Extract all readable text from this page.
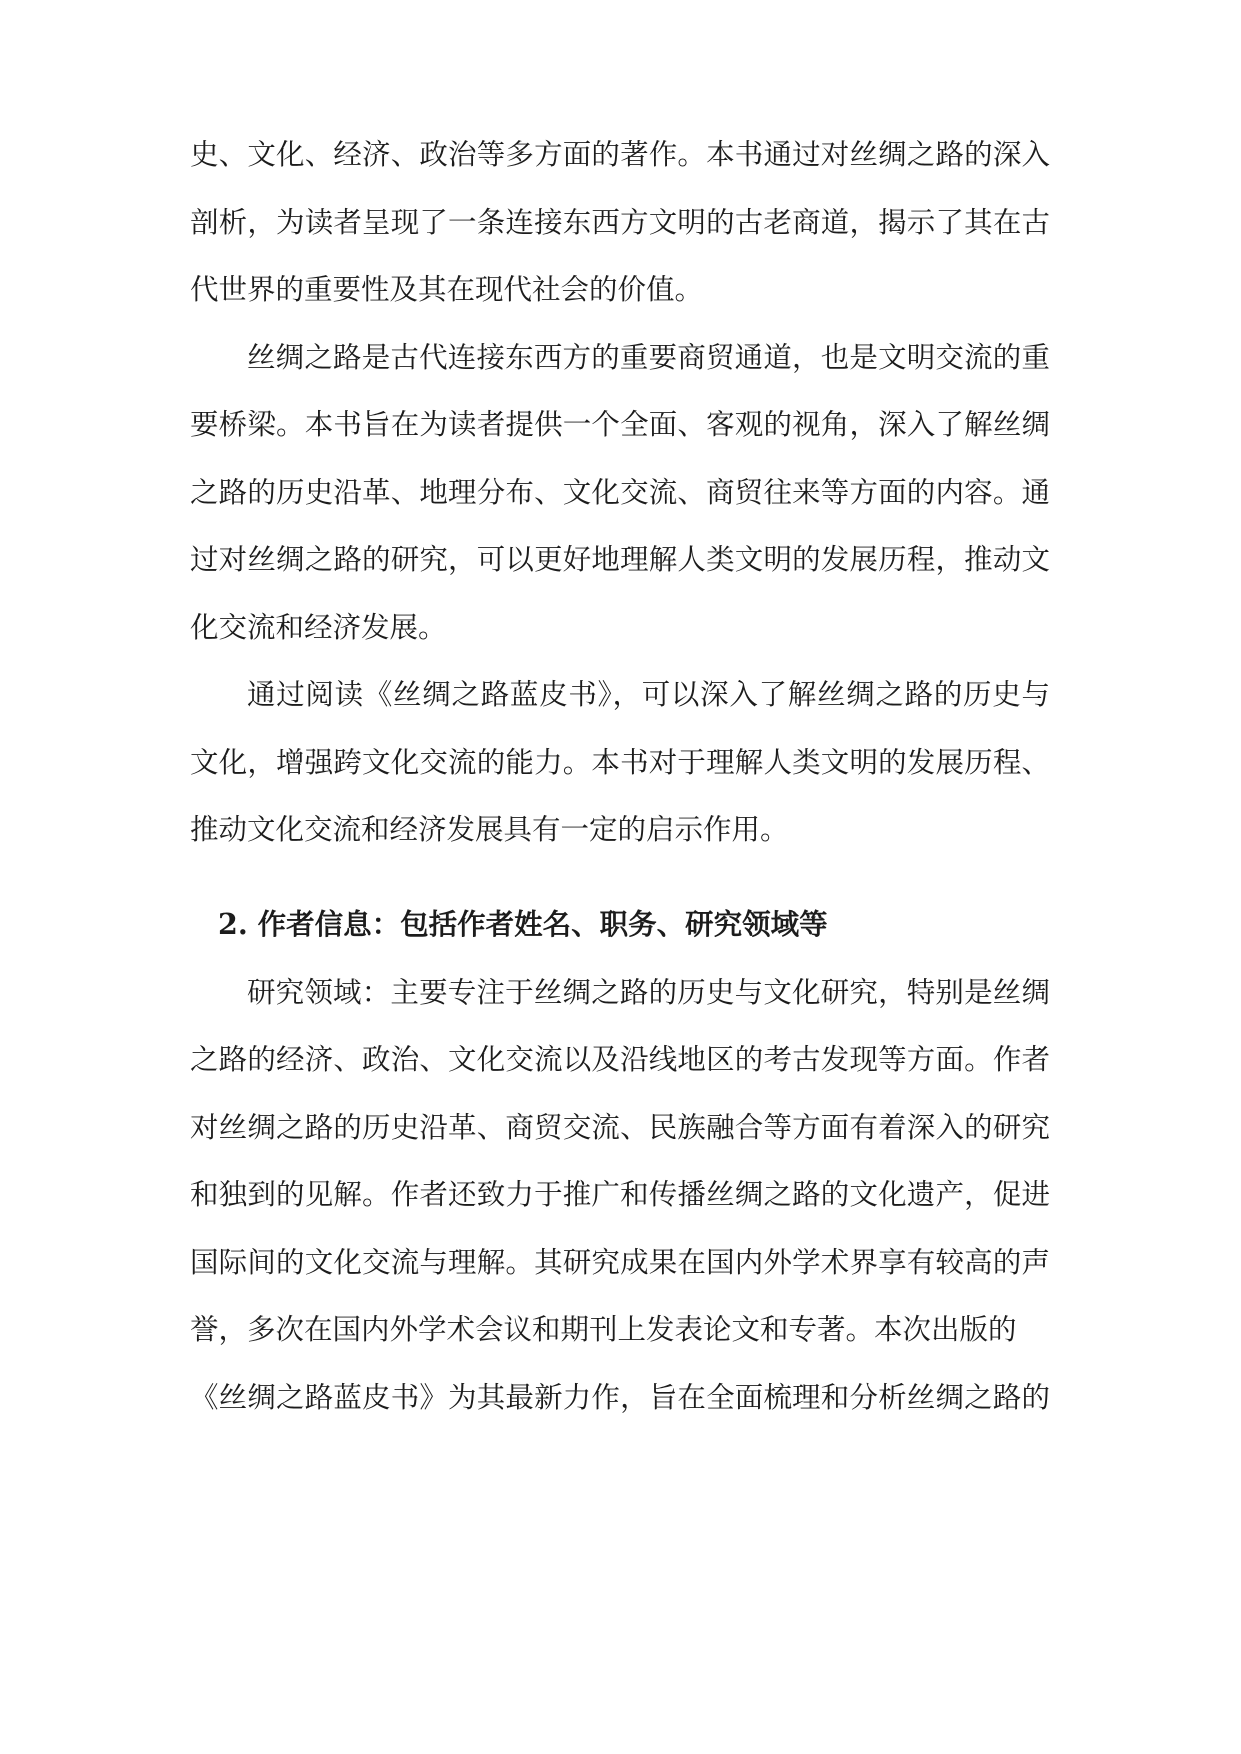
史、文化、经济、政治等多方面的著作。本书通过对丝绸之路的深入
剖析，为读者呈现了一条连接东西方文明的古老商道，揭示了其在古
代世界的重要性及其在现代社会的价值。
丝绸之路是古代连接东西方的重要商贸通道，也是文明交流的重
要桥梁。本书旨在为读者提供一个全面、客观的视角，深入了解丝绸
之路的历史沿革、地理分布、文化交流、商贸往来等方面的内容。通
过对丝绸之路的研究，可以更好地理解人类文明的发展历程，推动文
化交流和经济发展。
通过阅读《丝绸之路蓝皮书》，可以深入了解丝绸之路的历史与
文化，增强跨文化交流的能力。本书对于理解人类文明的发展历程、
推动文化交流和经济发展具有一定的启示作用。
2. 作者信息：包括作者姓名、职务、研究领域等
研究领域：主要专注于丝绸之路的历史与文化研究，特别是丝绸
之路的经济、政治、文化交流以及沿线地区的考古发现等方面。作者
对丝绸之路的历史沿革、商贸交流、民族融合等方面有着深入的研究
和独到的见解。作者还致力于推广和传播丝绸之路的文化遗产，促进
国际间的文化交流与理解。其研究成果在国内外学术界享有较高的声
誉，多次在国内外学术会议和期刊上发表论文和专著。本次出版的
《丝绸之路蓝皮书》为其最新力作，旨在全面梳理和分析丝绸之路的
